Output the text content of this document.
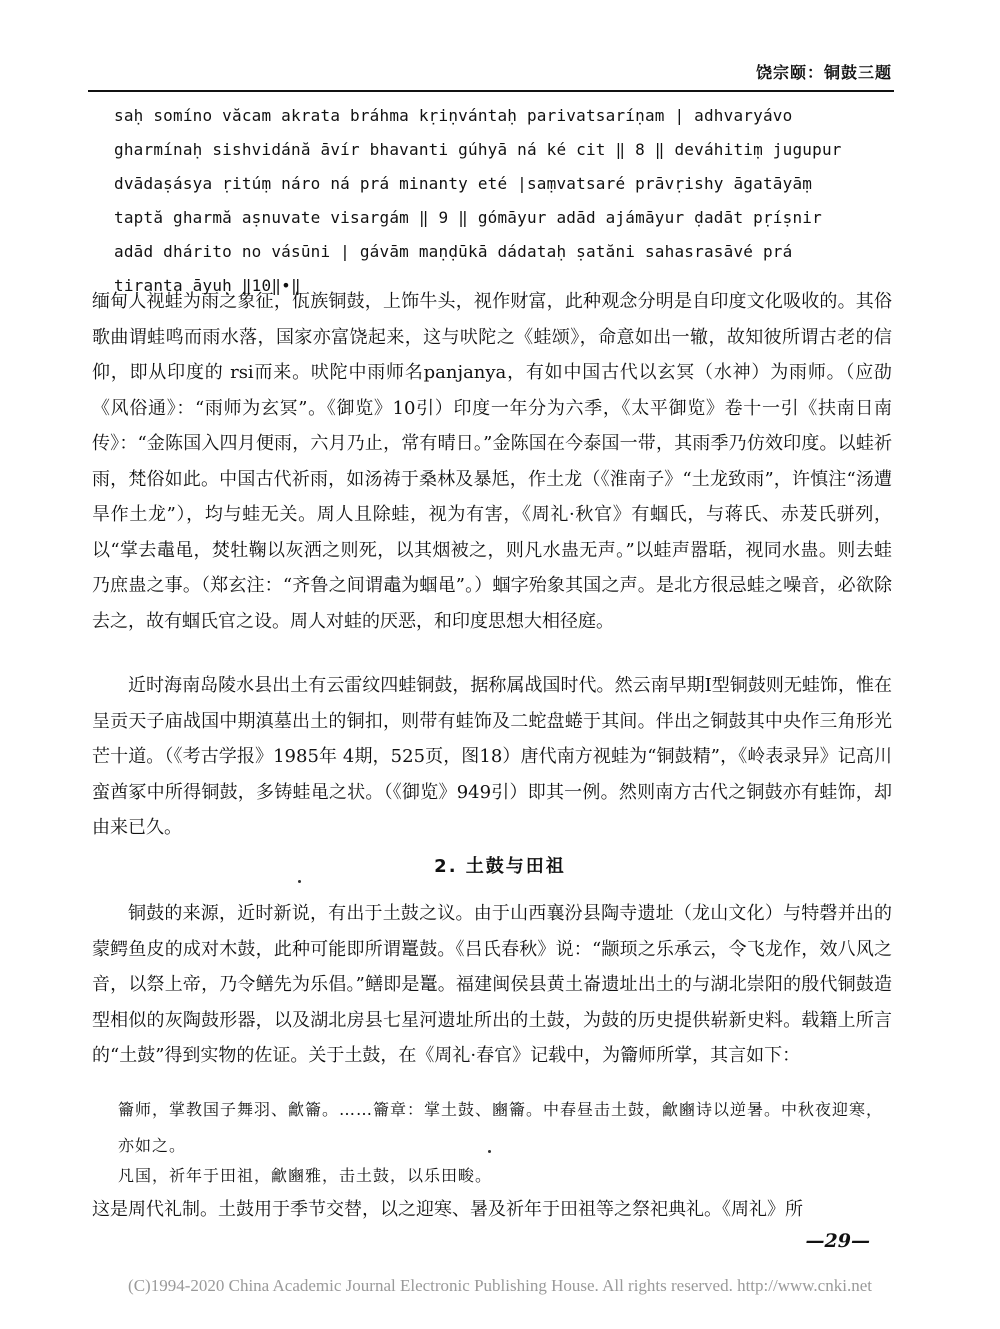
饶宗颐：铜鼓三题
saḥ somíno văcam akrata bráhma kṛiṇvántaḥ parivatsaríṇam | adhvaryávo
gharmínaḥ sishvidánă āvír bhavanti gúhyā ná ké cit ‖ 8 ‖ deváhitiṃ jugupur
dvādaṣásya ṛitúṃ náro ná prá minanty eté |saṃvatsaré prāvṛishy āgatāyāṃ
taptă gharmă aṣnuvate visargám ‖ 9 ‖ gómāyur adād ajámāyur ḍadāt pṛíṣnir
adād dhárito no vásūni | gávām maṇḍūkā dádataḥ ṣatăni sahasrasāvé prá
tiranta āyuḥ ‖10‖•‖

缅甸人视蛙为雨之象征，佤族铜鼓，上饰牛头，视作财富，此种观念分明是自印度文化吸收的。其俗歌曲谓蛙鸣而雨水落，国家亦富饶起来，这与吠陀之《蛙颂》，命意如出一辙，故知彼所谓古老的信仰，即从印度的 rsi而来。吠陀中雨师名panjanya，有如中国古代以玄冥（水神）为雨师。（应劭《风俗通》：“雨师为玄冥”。《御览》10引）印度一年分为六季，《太平御览》卷十一引《扶南日南传》：“金陈国入四月便雨，六月乃止，常有晴日。”金陈国在今泰国一带，其雨季乃仿效印度。以蛙祈雨，梵俗如此。中国古代祈雨，如汤祷于桑林及暴尪，作土龙（《淮南子》“土龙致雨”，许慎注“汤遭旱作土龙”），均与蛙无关。周人且除蛙，视为有害，《周礼·秋官》有蝈氏，与蒋氏、赤茇氏骈列，以“掌去鼃黾，焚牡鞠以灰洒之则死，以其烟被之，则凡水蛊无声。”以蛙声嚣聒，视同水蛊。则去蛙乃庶蛊之事。（郑玄注：“齐鲁之间谓鼃为蝈黾”。）蝈字殆象其国之声。是北方很忌蛙之噪音，必欲除去之，故有蝈氏官之设。周人对蛙的厌恶，和印度思想大相径庭。

近时海南岛陵水县出土有云雷纹四蛙铜鼓，据称属战国时代。然云南早期Ⅰ型铜鼓则无蛙饰，惟在呈贡天子庙战国中期滇墓出土的铜扣，则带有蛙饰及二蛇盘蜷于其间。伴出之铜鼓其中央作三角形光芒十道。（《考古学报》1985年 4期，525页，图18）唐代南方视蛙为“铜鼓精”，《岭表录异》记高川蛮酋冢中所得铜鼓，多铸蛙黾之状。（《御览》949引）即其一例。然则南方古代之铜鼓亦有蛙饰，却由来已久。

2. 土鼓与田祖

铜鼓的来源，近时新说，有出于土鼓之议。由于山西襄汾县陶寺遗址（龙山文化）与特磬并出的蒙鳄鱼皮的成对木鼓，此种可能即所谓鼍鼓。《吕氏春秋》说：“颛顼之乐承云，令飞龙作，效八风之音，以祭上帝，乃令鳝先为乐倡。”鳝即是鼍。福建闽侯县黄土崙遗址出土的与湖北崇阳的殷代铜鼓造型相似的灰陶鼓形器，以及湖北房县七星河遗址所出的土鼓，为鼓的历史提供崭新史料。载籍上所言的“土鼓”得到实物的佐证。关于土鼓，在《周礼·春官》记载中，为籥师所掌，其言如下：

籥师，掌教国子舞羽、龡籥。……籥章：掌土鼓、豳籥。中春昼击土鼓，龡豳诗以逆暑。中秋夜迎寒，亦如之。

凡国，祈年于田祖，龡豳雅，击土鼓，以乐田畯。

这是周代礼制。土鼓用于季节交替，以之迎寒、暑及祈年于田祖等之祭祀典礼。《周礼》所

—29—
(C)1994-2020 China Academic Journal Electronic Publishing House. All rights reserved. http://www.cnki.net
